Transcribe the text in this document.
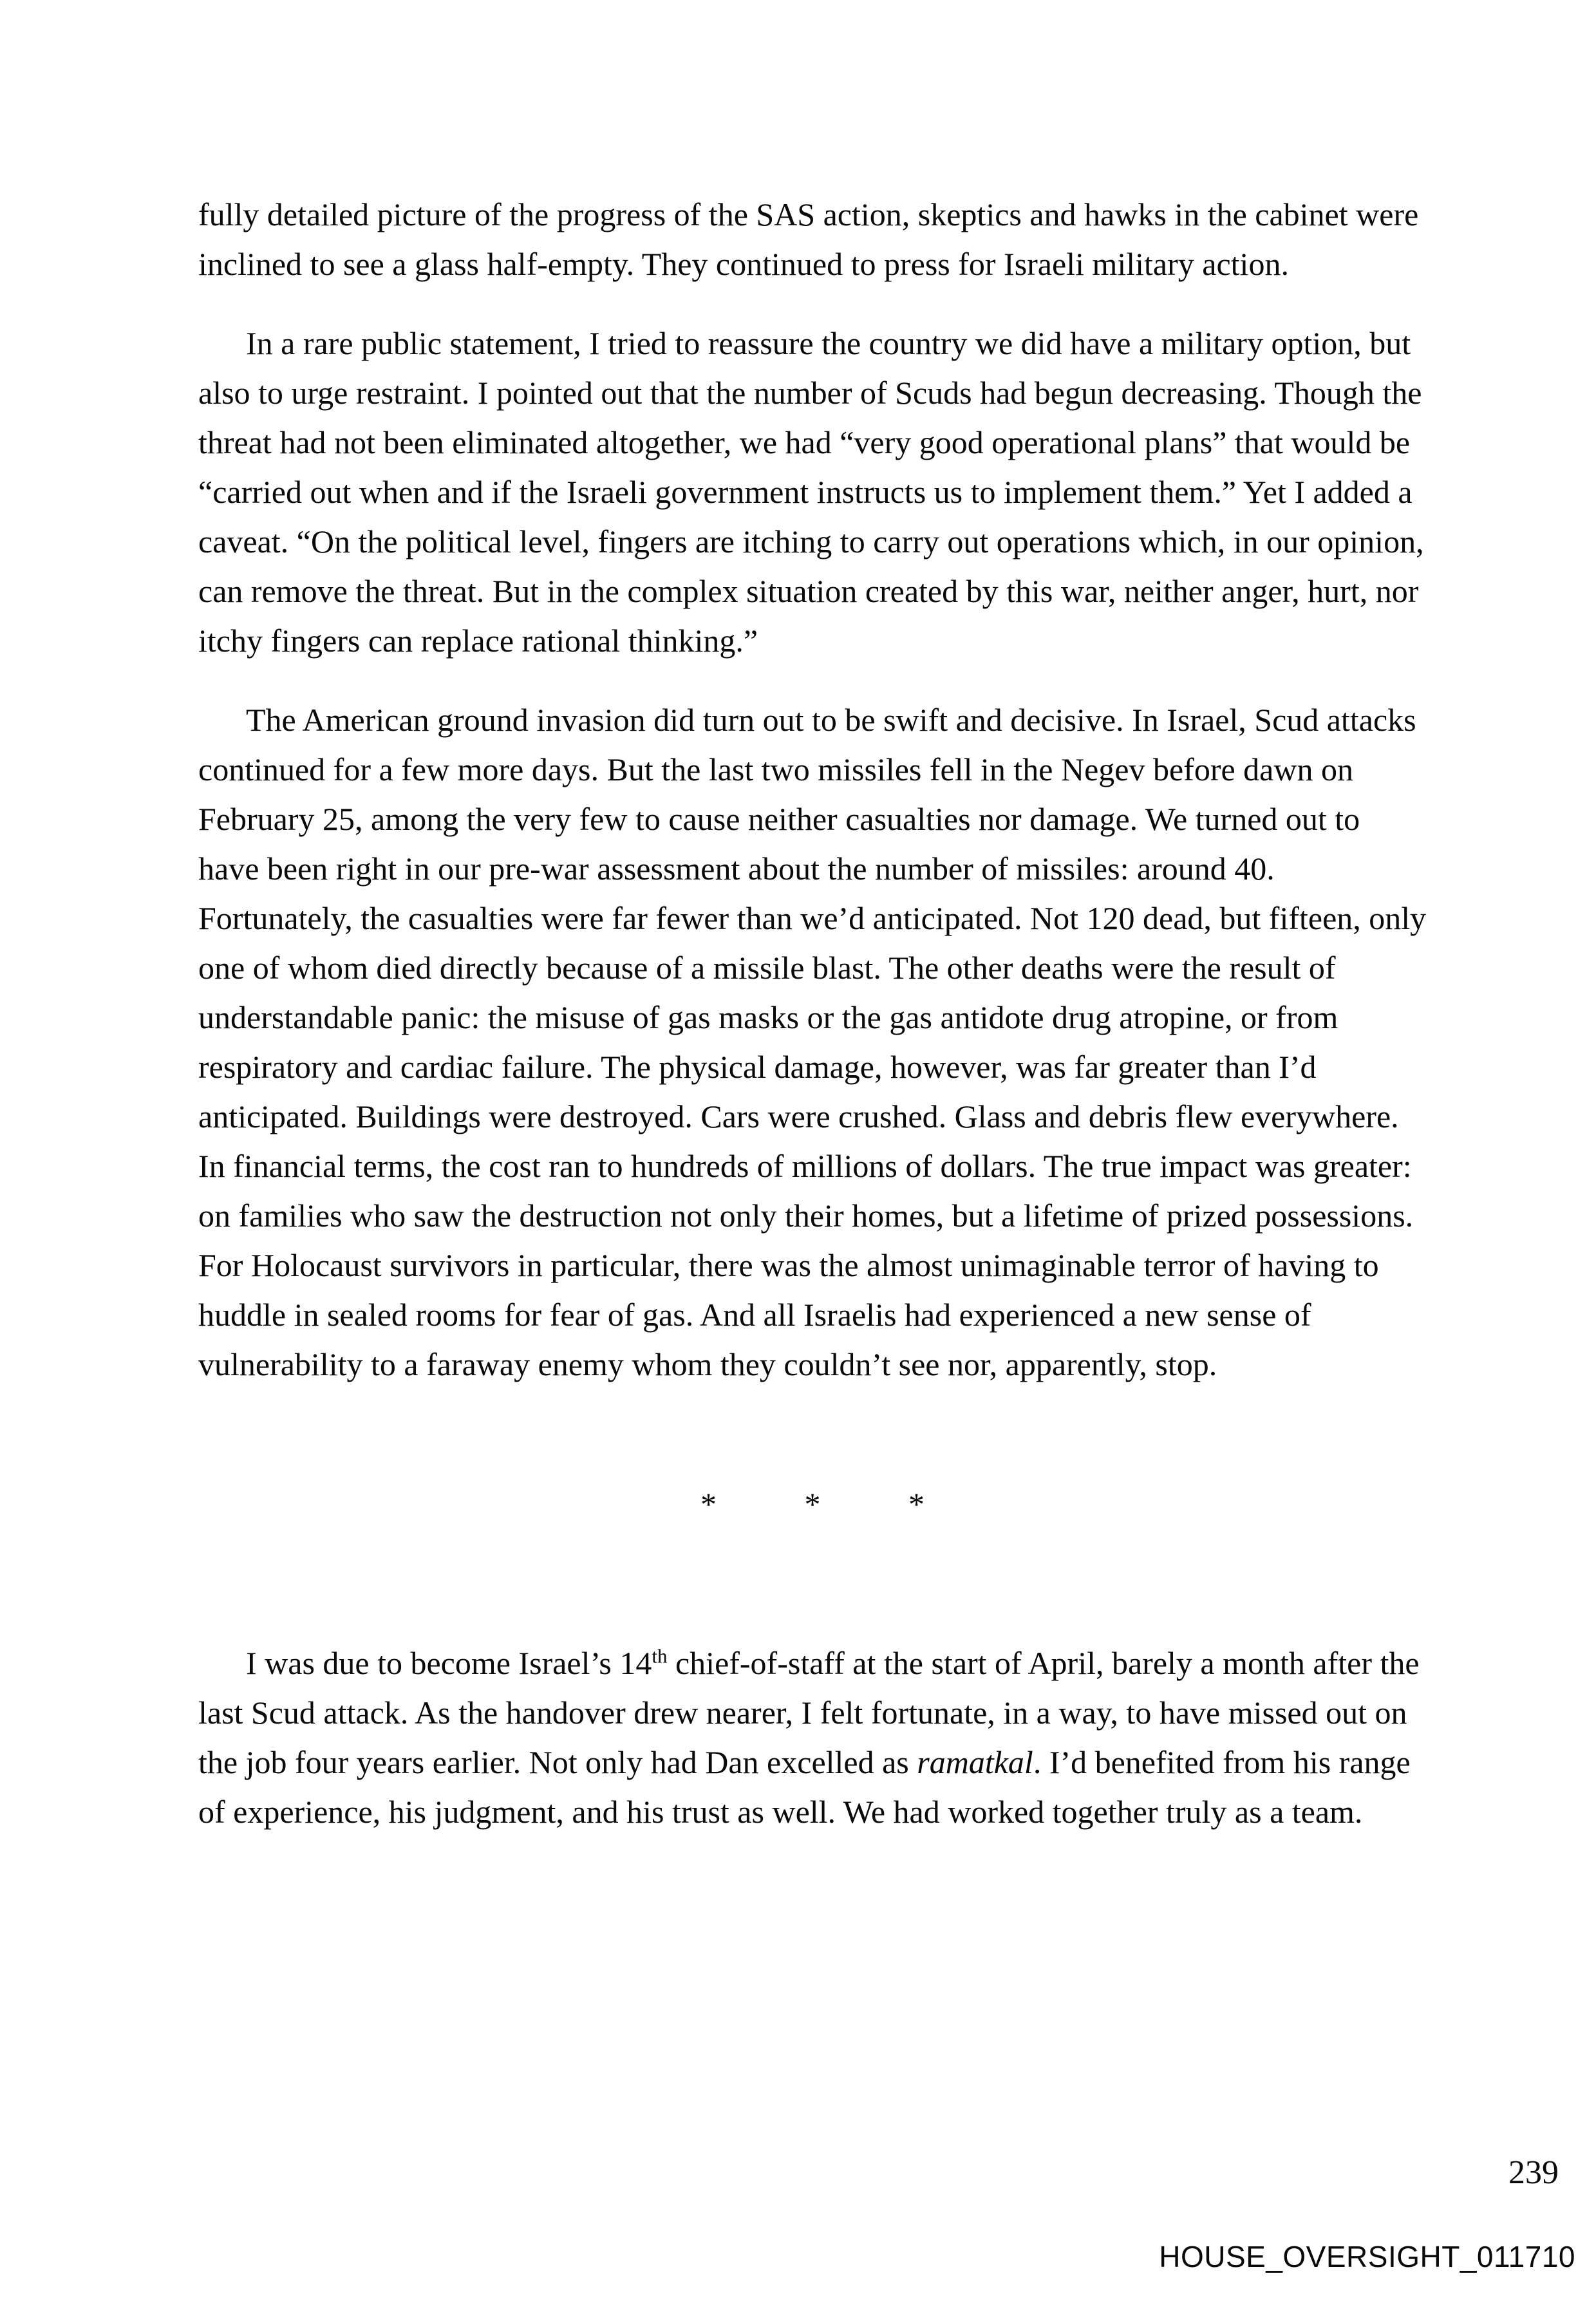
fully detailed picture of the progress of the SAS action, skeptics and hawks in the cabinet were inclined to see a glass half-empty. They continued to press for Israeli military action.

In a rare public statement, I tried to reassure the country we did have a military option, but also to urge restraint. I pointed out that the number of Scuds had begun decreasing. Though the threat had not been eliminated altogether, we had “very good operational plans” that would be “carried out when and if the Israeli government instructs us to implement them.” Yet I added a caveat. “On the political level, fingers are itching to carry out operations which, in our opinion, can remove the threat. But in the complex situation created by this war, neither anger, hurt, nor itchy fingers can replace rational thinking.”

The American ground invasion did turn out to be swift and decisive. In Israel, Scud attacks continued for a few more days. But the last two missiles fell in the Negev before dawn on February 25, among the very few to cause neither casualties nor damage. We turned out to have been right in our pre-war assessment about the number of missiles: around 40. Fortunately, the casualties were far fewer than we’d anticipated. Not 120 dead, but fifteen, only one of whom died directly because of a missile blast. The other deaths were the result of understandable panic: the misuse of gas masks or the gas antidote drug atropine, or from respiratory and cardiac failure. The physical damage, however, was far greater than I’d anticipated. Buildings were destroyed. Cars were crushed. Glass and debris flew everywhere. In financial terms, the cost ran to hundreds of millions of dollars. The true impact was greater: on families who saw the destruction not only their homes, but a lifetime of prized possessions. For Holocaust survivors in particular, there was the almost unimaginable terror of having to huddle in sealed rooms for fear of gas. And all Israelis had experienced a new sense of vulnerability to a faraway enemy whom they couldn’t see nor, apparently, stop.

*	*	*

I was due to become Israel’s 14th chief-of-staff at the start of April, barely a month after the last Scud attack. As the handover drew nearer, I felt fortunate, in a way, to have missed out on the job four years earlier. Not only had Dan excelled as ramatkal. I’d benefited from his range of experience, his judgment, and his trust as well. We had worked together truly as a team.

239
HOUSE_OVERSIGHT_011710
